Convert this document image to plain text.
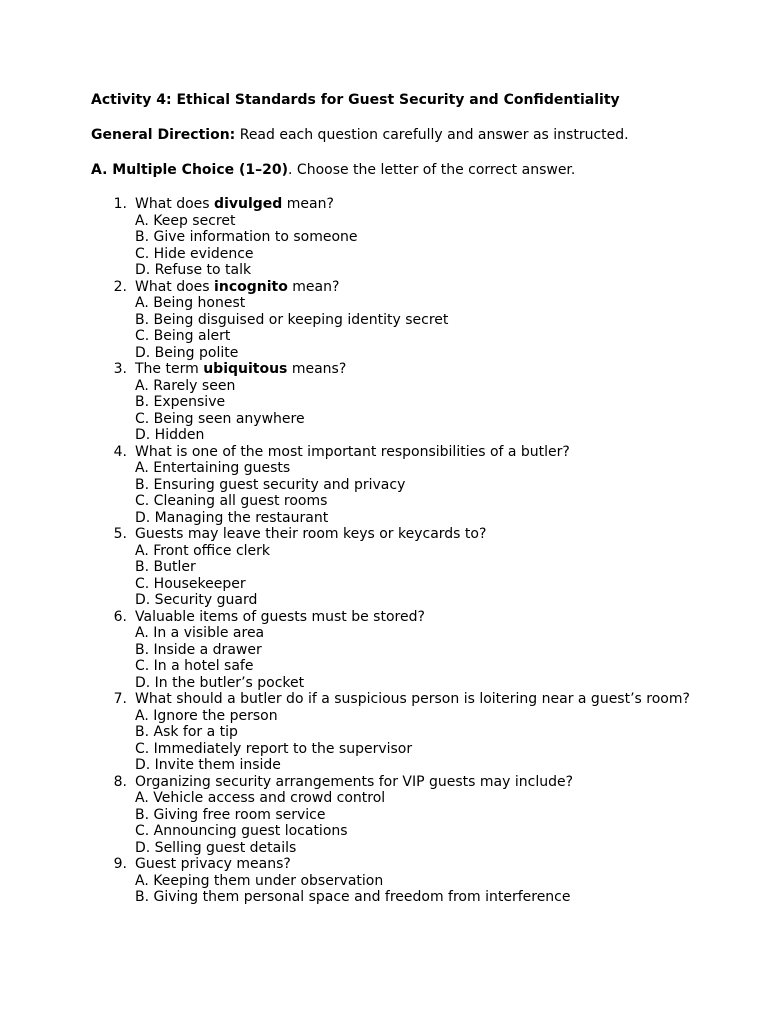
Activity 4: Ethical Standards for Guest Security and Confidentiality

General Direction: Read each question carefully and answer as instructed.

A. Multiple Choice (1–20). Choose the letter of the correct answer.

1. What does divulged mean?
A. Keep secret
B. Give information to someone
C. Hide evidence
D. Refuse to talk
2. What does incognito mean?
A. Being honest
B. Being disguised or keeping identity secret
C. Being alert
D. Being polite
3. The term ubiquitous means?
A. Rarely seen
B. Expensive
C. Being seen anywhere
D. Hidden
4. What is one of the most important responsibilities of a butler?
A. Entertaining guests
B. Ensuring guest security and privacy
C. Cleaning all guest rooms
D. Managing the restaurant
5. Guests may leave their room keys or keycards to?
A. Front office clerk
B. Butler
C. Housekeeper
D. Security guard
6. Valuable items of guests must be stored?
A. In a visible area
B. Inside a drawer
C. In a hotel safe
D. In the butler’s pocket
7. What should a butler do if a suspicious person is loitering near a guest’s room?
A. Ignore the person
B. Ask for a tip
C. Immediately report to the supervisor
D. Invite them inside
8. Organizing security arrangements for VIP guests may include?
A. Vehicle access and crowd control
B. Giving free room service
C. Announcing guest locations
D. Selling guest details
9. Guest privacy means?
A. Keeping them under observation
B. Giving them personal space and freedom from interference
